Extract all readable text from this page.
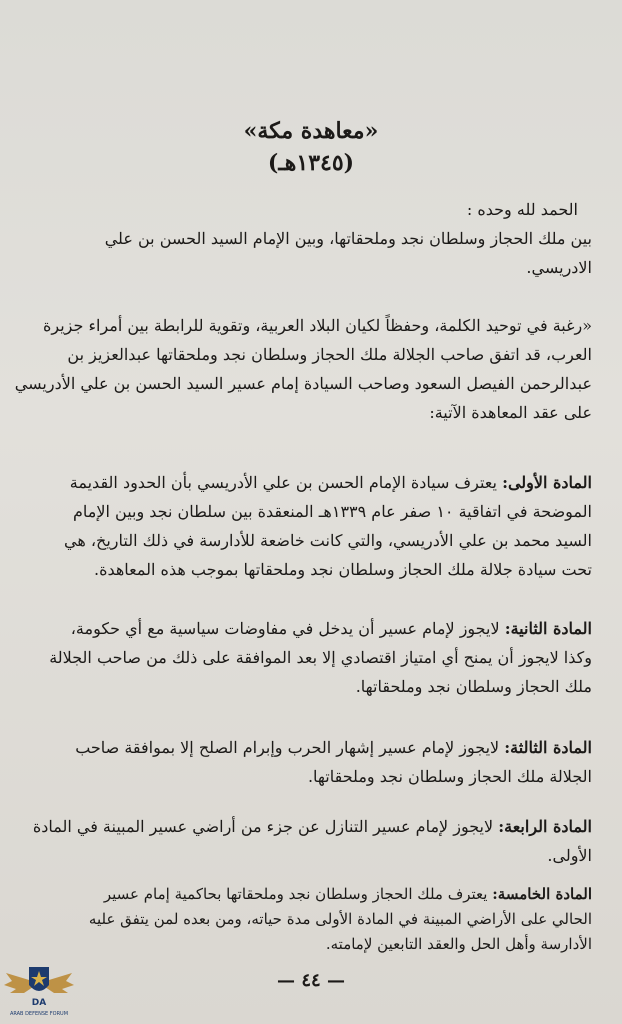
«معاهدة مكة»
(١٣٤٥هـ)
الحمد لله وحده :
بين ملك الحجاز وسلطان نجد وملحقاتها، وبين الإمام السيد الحسن بن علي
الادريسي.
«رغبة في توحيد الكلمة، وحفظاً لكيان البلاد العربية، وتقوية للرابطة بين أمراء جزيرة
العرب، قد اتفق صاحب الجلالة ملك الحجاز وسلطان نجد وملحقاتها عبدالعزيز بن
عبدالرحمن الفيصل السعود وصاحب السيادة إمام عسير السيد الحسن بن علي الأدريسي
على عقد المعاهدة الآتية:
المادة الأولى: يعترف سيادة الإمام الحسن بن علي الأدريسي بأن الحدود القديمة
الموضحة في اتفاقية ١٠ صفر عام ١٣٣٩هـ المنعقدة بين سلطان نجد وبين الإمام
السيد محمد بن علي الأدريسي، والتي كانت خاضعة للأدارسة في ذلك التاريخ، هي
تحت سيادة جلالة ملك الحجاز وسلطان نجد وملحقاتها بموجب هذه المعاهدة.
المادة الثانية: لايجوز لإمام عسير أن يدخل في مفاوضات سياسية مع أي حكومة،
وكذا لايجوز أن يمنح أي امتياز اقتصادي إلا بعد الموافقة على ذلك من صاحب الجلالة
ملك الحجاز وسلطان نجد وملحقاتها.
المادة الثالثة: لايجوز لإمام عسير إشهار الحرب وإبرام الصلح إلا بموافقة صاحب
الجلالة ملك الحجاز وسلطان نجد وملحقاتها.
المادة الرابعة: لايجوز لإمام عسير التنازل عن جزء من أراضي عسير المبينة في المادة
الأولى.
المادة الخامسة: يعترف ملك الحجاز وسلطان نجد وملحقاتها بحاكمية إمام عسير
الحالي على الأراضي المبينة في المادة الأولى مدة حياته، ومن بعده لمن يتفق عليه
الأدارسة وأهل الحل والعقد التابعين لإمامته.
— ٤٤ —
DA
ARAB DEFENSE FORUM
